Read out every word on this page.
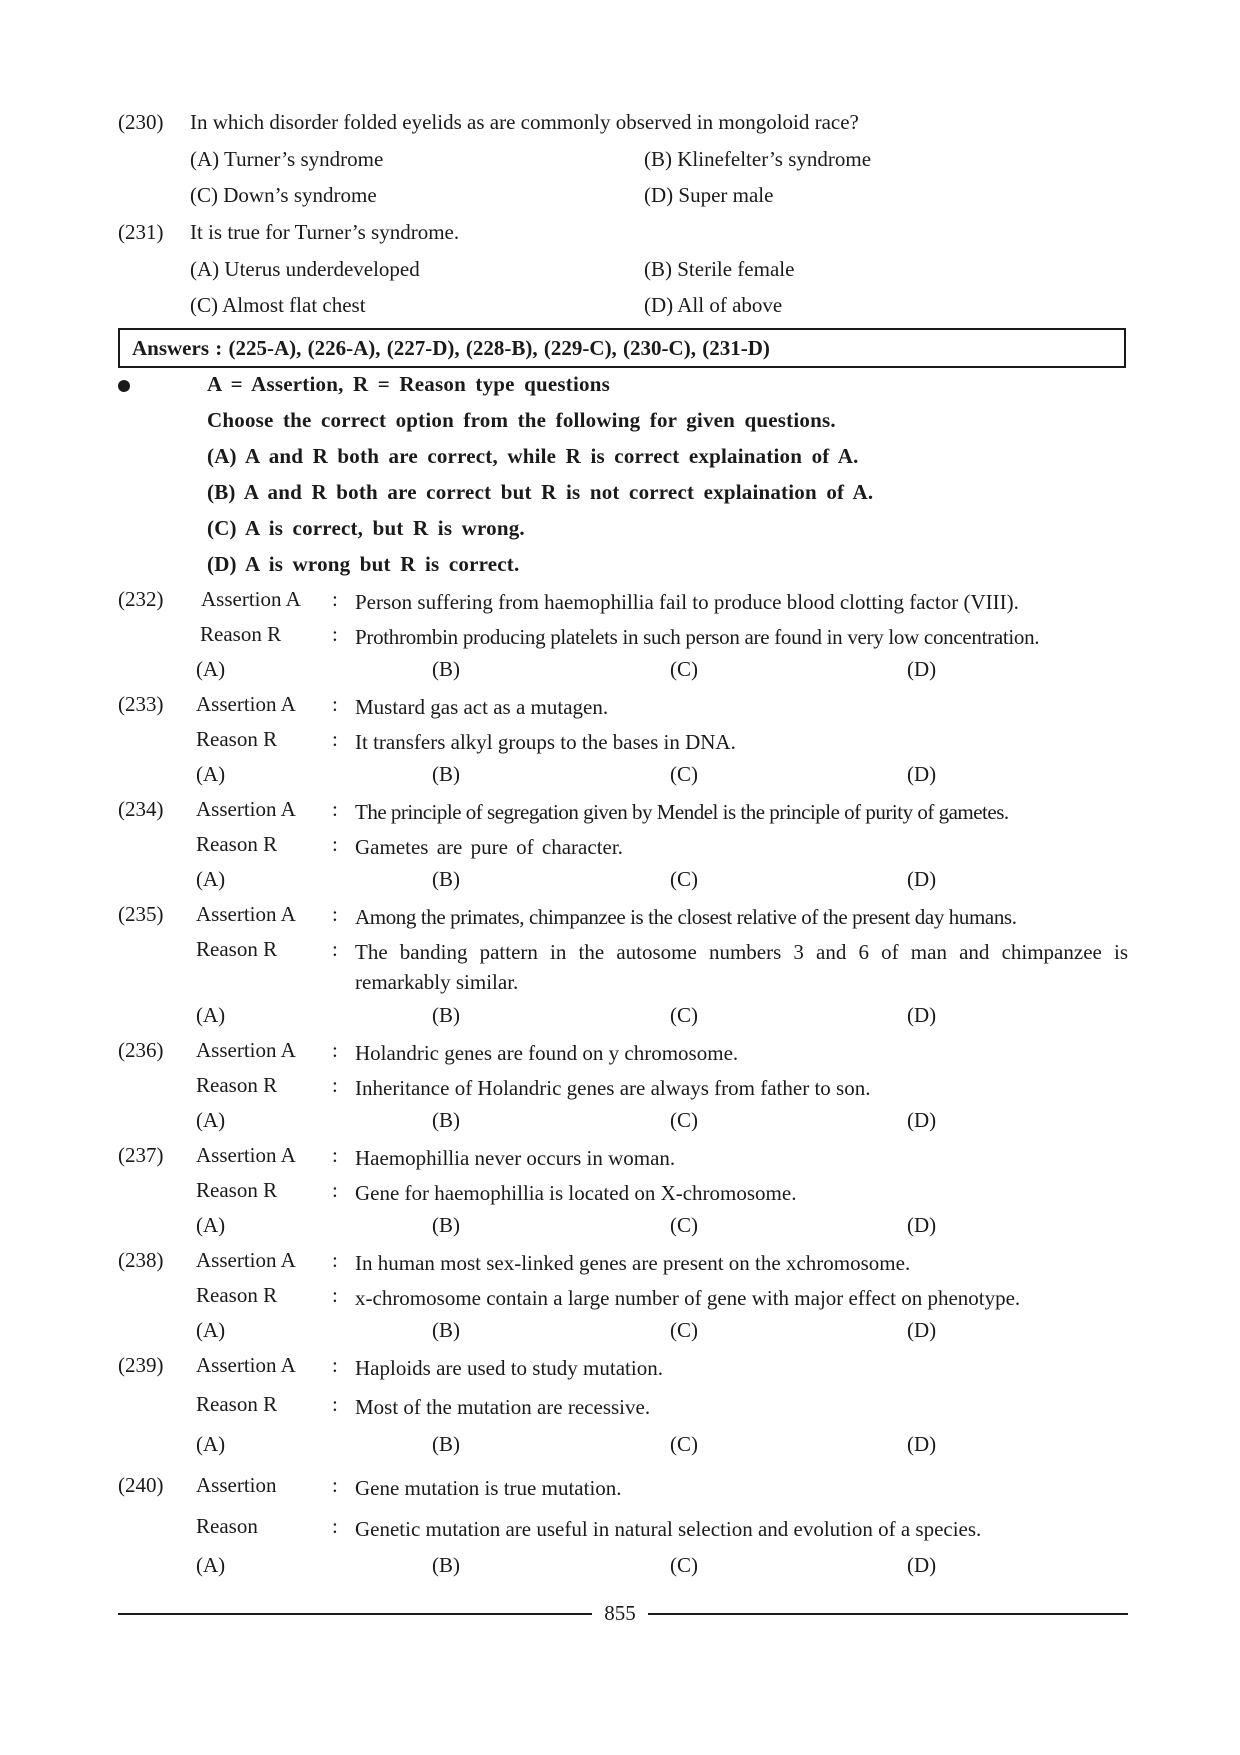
(230) In which disorder folded eyelids as are commonly observed in mongoloid race?
(A) Turner’s syndrome	(B) Klinefelter’s syndrome
(C) Down’s syndrome	(D) Super male
(231) It is true for Turner’s syndrome.
(A) Uterus underdeveloped	(B) Sterile female
(C) Almost flat chest	(D) All of above
Answers : (225-A), (226-A), (227-D), (228-B), (229-C), (230-C), (231-D)
A = Assertion, R = Reason type questions
Choose the correct option from the following for given questions.
(A) A and R both are correct, while R is correct explaination of A.
(B) A and R both are correct but R is not correct explaination of A.
(C) A is correct, but R is wrong.
(D) A is wrong but R is correct.
(232) Assertion A : Person suffering from haemophillia fail to produce blood clotting factor (VIII).
Reason R : Prothrombin producing platelets in such person are found in very low concentration.
(A)	(B)	(C)	(D)
(233) Assertion A : Mustard gas act as a mutagen.
Reason R	: It transfers alkyl groups to the bases in DNA.
(A)	(B)	(C)	(D)
(234) Assertion A : The principle of segregation given by Mendel is the principle of purity of gametes.
Reason R	: Gametes are pure of character.
(A)	(B)	(C)	(D)
(235) Assertion A : Among the primates, chimpanzee is the closest relative of the present day humans.
Reason R	: The banding pattern in the autosome numbers 3 and 6 of man and chimpanzee is remarkably similar.
(A)	(B)	(C)	(D)
(236) Assertion A : Holandric genes are found on y chromosome.
Reason R	: Inheritance of Holandric genes are always from father to son.
(A)	(B)	(C)	(D)
(237) Assertion A : Haemophillia never occurs in woman.
Reason R	: Gene for haemophillia is located on X-chromosome.
(A)	(B)	(C)	(D)
(238) Assertion A : In human most sex-linked genes are present on the xchromosome.
Reason R	: x-chromosome contain a large number of gene with major effect on phenotype.
(A)	(B)	(C)	(D)
(239) Assertion A : Haploids are used to study mutation.
Reason R	: Most of the mutation are recessive.
(A)	(B)	(C)	(D)
(240) Assertion	: Gene mutation is true mutation.
Reason	: Genetic mutation are useful in natural selection and evolution of a species.
(A)	(B)	(C)	(D)
855
